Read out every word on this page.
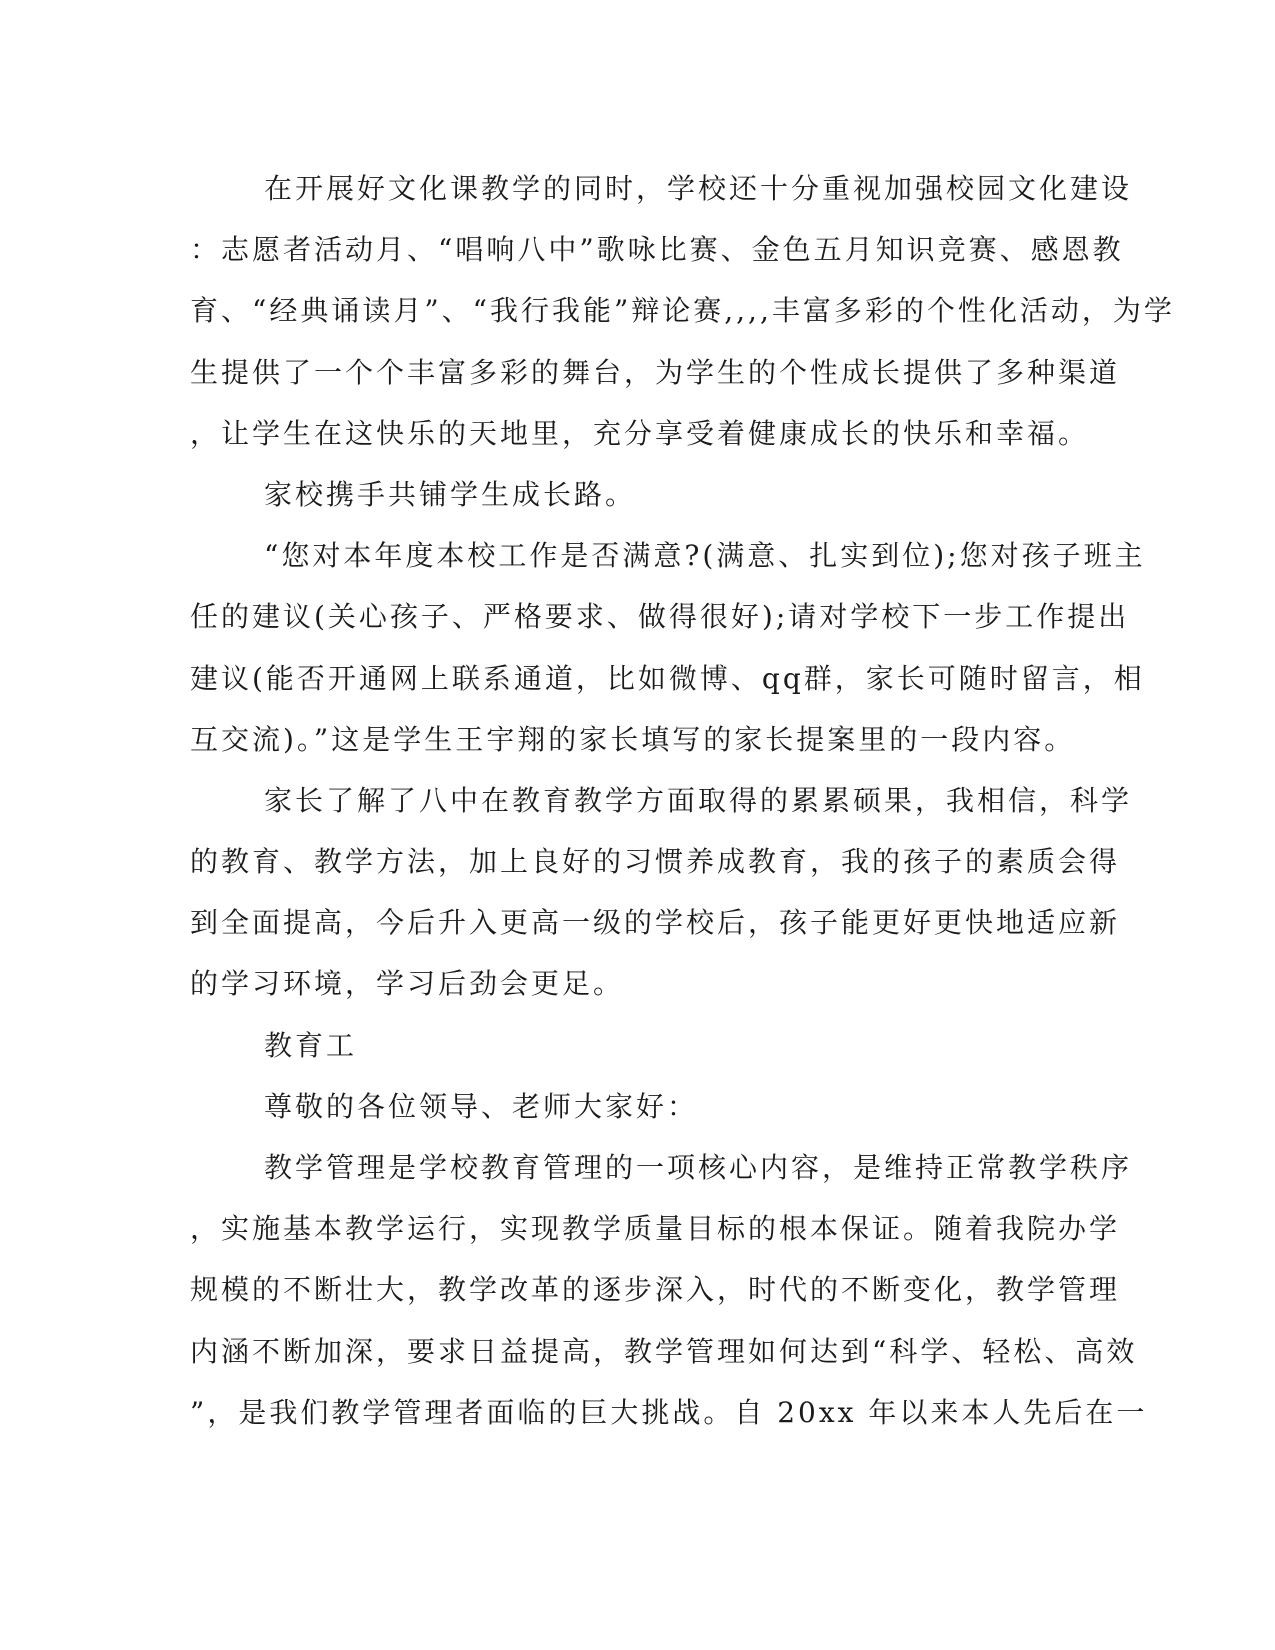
在开展好文化课教学的同时，学校还十分重视加强校园文化建设
：志愿者活动月、“唱响八中”歌咏比赛、金色五月知识竞赛、感恩教
育、“经典诵读月”、“我行我能”辩论赛,,,,丰富多彩的个性化活动，为学
生提供了一个个丰富多彩的舞台，为学生的个性成长提供了多种渠道
，让学生在这快乐的天地里，充分享受着健康成长的快乐和幸福。
家校携手共铺学生成长路。
“您对本年度本校工作是否满意?(满意、扎实到位);您对孩子班主
任的建议(关心孩子、严格要求、做得很好);请对学校下一步工作提出
建议(能否开通网上联系通道，比如微博、qq群，家长可随时留言，相
互交流)。”这是学生王宇翔的家长填写的家长提案里的一段内容。
家长了解了八中在教育教学方面取得的累累硕果，我相信，科学
的教育、教学方法，加上良好的习惯养成教育，我的孩子的素质会得
到全面提高，今后升入更高一级的学校后，孩子能更好更快地适应新
的学习环境，学习后劲会更足。
教育工
尊敬的各位领导、老师大家好：
教学管理是学校教育管理的一项核心内容，是维持正常教学秩序
，实施基本教学运行，实现教学质量目标的根本保证。随着我院办学
规模的不断壮大，教学改革的逐步深入，时代的不断变化，教学管理
内涵不断加深，要求日益提高，教学管理如何达到“科学、轻松、高效
”，是我们教学管理者面临的巨大挑战。自 20xx 年以来本人先后在一
